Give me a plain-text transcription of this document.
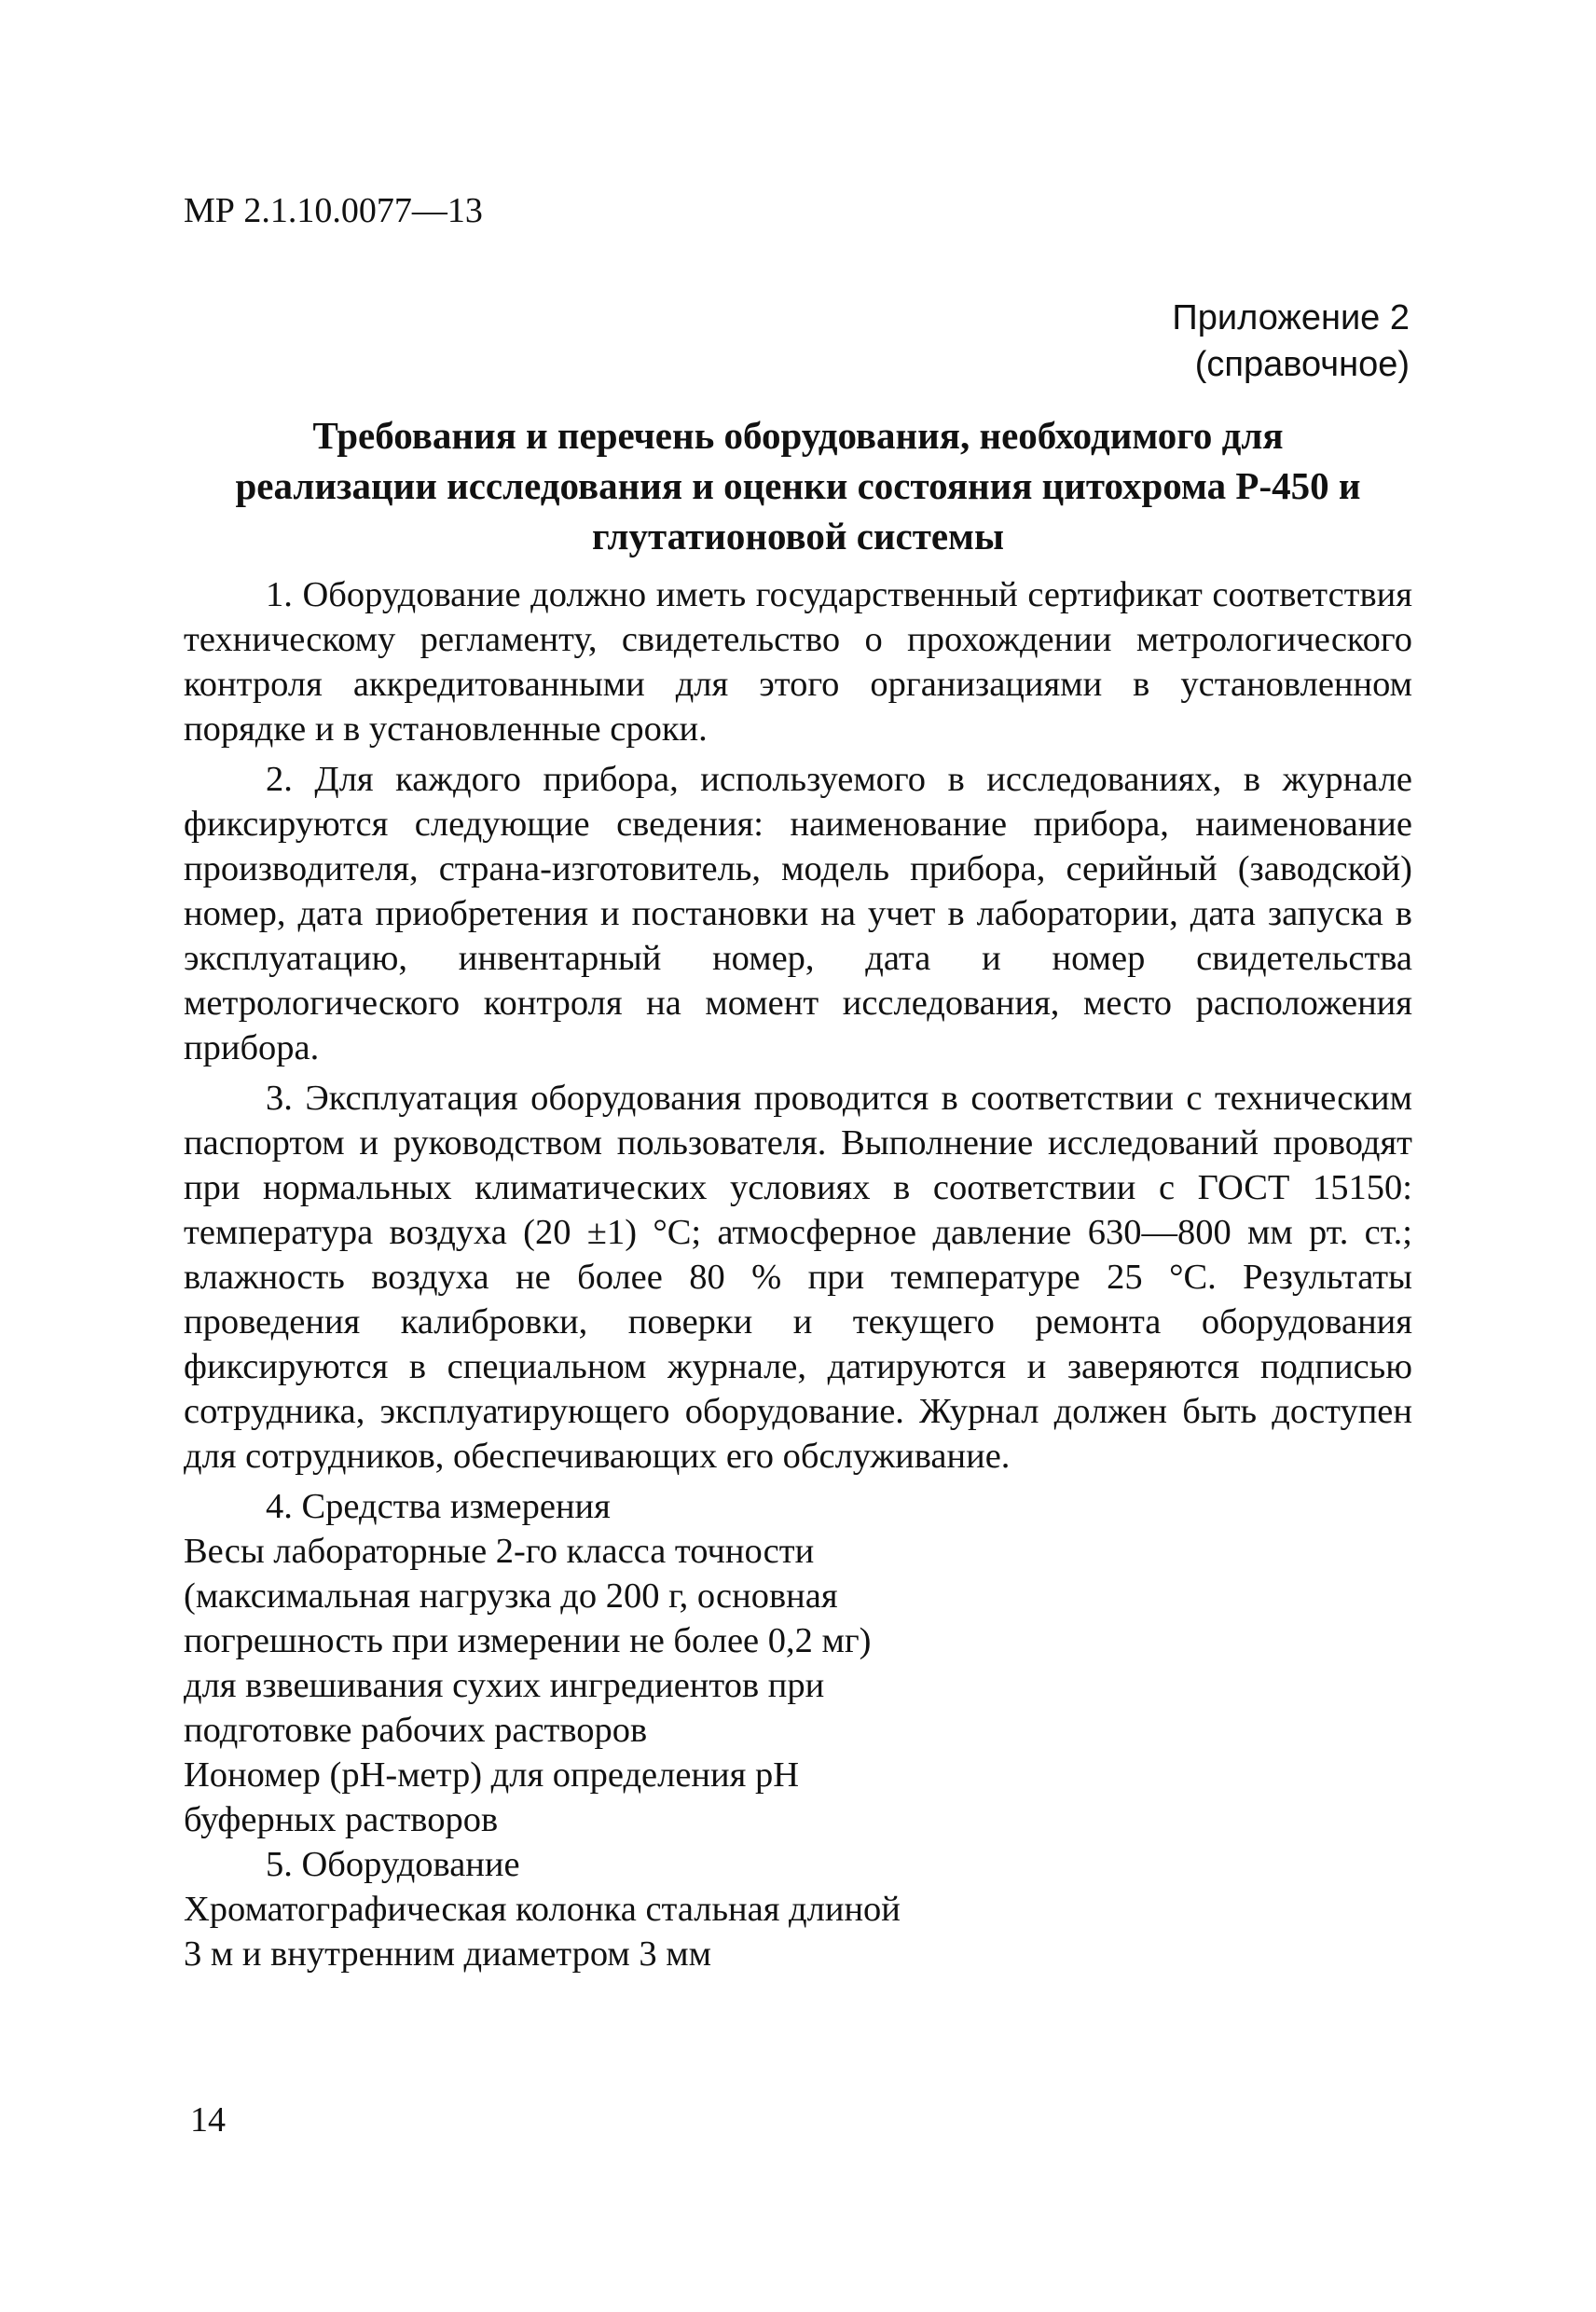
МР 2.1.10.0077—13
Приложение 2
(справочное)
Требования и перечень оборудования, необходимого для
реализации исследования и оценки состояния цитохрома Р-450 и
глутатионовой системы

1. Оборудование должно иметь государственный сертификат соответствия техническому регламенту, свидетельство о прохождении метрологического контроля аккредитованными для этого организациями в установленном порядке и в установленные сроки.

2. Для каждого прибора, используемого в исследованиях, в журнале фиксируются следующие сведения: наименование прибора, наименование производителя, страна-изготовитель, модель прибора, серийный (заводской) номер, дата приобретения и постановки на учет в лаборатории, дата запуска в эксплуатацию, инвентарный номер, дата и номер свидетельства метрологического контроля на момент исследования, место расположения прибора.

3. Эксплуатация оборудования проводится в соответствии с техническим паспортом и руководством пользователя. Выполнение исследований проводят при нормальных климатических условиях в соответствии с ГОСТ 15150: температура воздуха (20 ±1) °С; атмосферное давление 630—800 мм рт. ст.; влажность воздуха не более 80 % при температуре 25 °С. Результаты проведения калибровки, поверки и текущего ремонта оборудования фиксируются в специальном журнале, датируются и заверяются подписью сотрудника, эксплуатирующего оборудование. Журнал должен быть доступен для сотрудников, обеспечивающих его обслуживание.

4. Средства измерения

Весы лабораторные 2-го класса точности
(максимальная нагрузка до 200 г, основная
погрешность при измерении не более 0,2 мг)
для взвешивания сухих ингредиентов при
подготовке рабочих растворов
Иономер (pH-метр) для определения pH
буферных растворов

5. Оборудование

Хроматографическая колонка стальная длиной
3 м и внутренним диаметром 3 мм
14
